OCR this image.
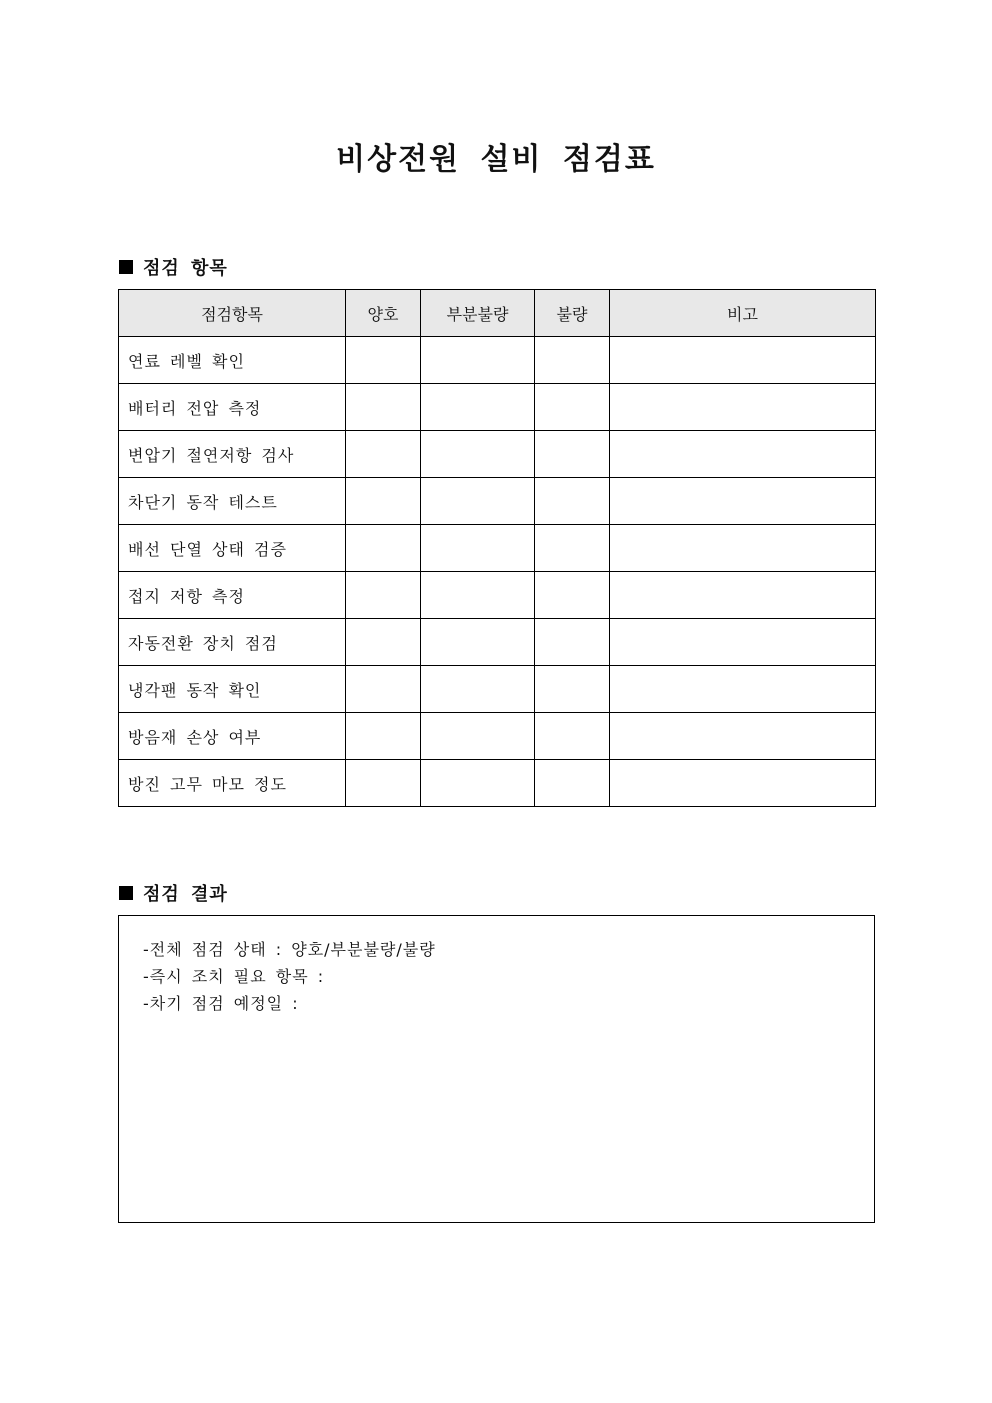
비상전원 설비 점검표
점검 항목
점검항목	양호	부분불량	불량	비고
연료 레벨 확인				
배터리 전압 측정				
변압기 절연저항 검사				
차단기 동작 테스트				
배선 단열 상태 검증				
접지 저항 측정				
자동전환 장치 점검				
냉각팬 동작 확인				
방음재 손상 여부				
방진 고무 마모 정도				
점검 결과
-전체 점검 상태 : 양호/부분불량/불량
-즉시 조치 필요 항목 :
-차기 점검 예정일 :
